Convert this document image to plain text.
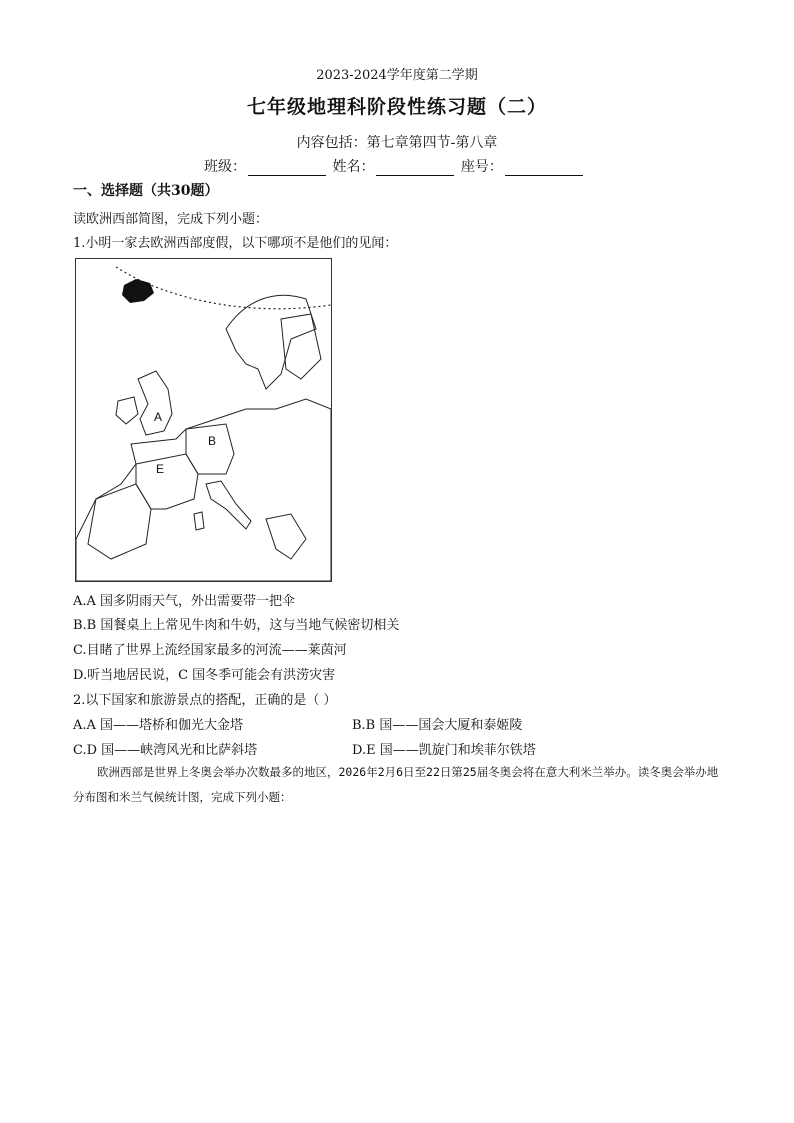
2023-2024学年度第二学期
七年级地理科阶段性练习题（二）
内容包括：第七章第四节-第八章
班级：	姓名：	座号：
一、选择题（共30题）
读欧洲西部简图，完成下列小题：
1.小明一家去欧洲西部度假，以下哪项不是他们的见闻：
A
B
E
A.A 国多阴雨天气，外出需要带一把伞
B.B 国餐桌上上常见牛肉和牛奶，这与当地气候密切相关
C.目睹了世界上流经国家最多的河流——莱茵河
D.听当地居民说，C 国冬季可能会有洪涝灾害
2.以下国家和旅游景点的搭配，正确的是（ ）
A.A 国——塔桥和伽光大金塔	B.B 国——国会大厦和泰姬陵
C.D 国——峡湾风光和比萨斜塔	D.E 国——凯旋门和埃菲尔铁塔
欧洲西部是世界上冬奥会举办次数最多的地区，2026年2月6日至22日第25届冬奥会将在意大利米兰举办。读冬奥会举办地分布图和米兰气候统计图，完成下列小题：
